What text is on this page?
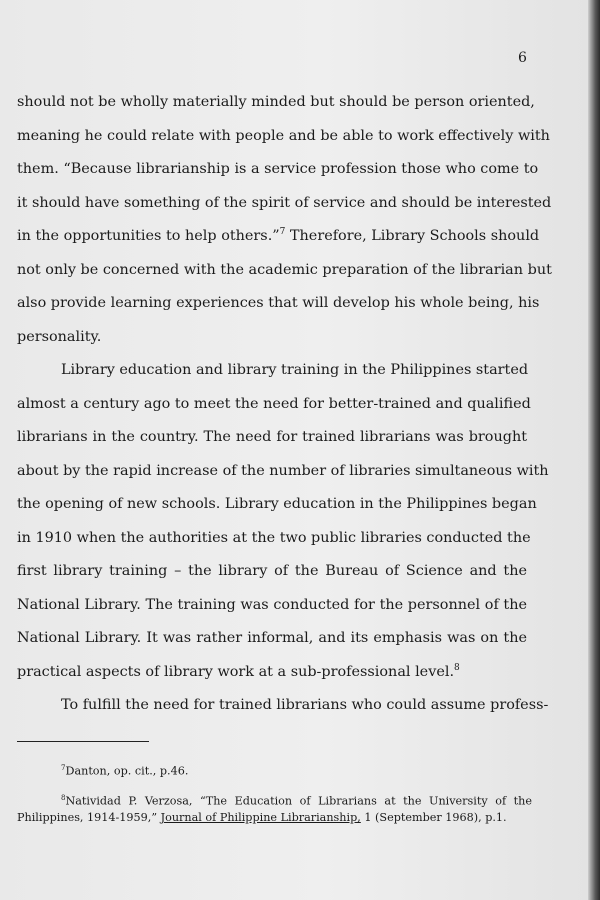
6
should not be wholly materially minded but should be person oriented,
meaning he could relate with people and be able to work effectively with
them. “Because librarianship is a service profession those who come to
it should have something of the spirit of service and should be interested
in the opportunities to help others.”$^7$ Therefore, Library Schools should
not only be concerned with the academic preparation of the librarian but
also provide learning experiences that will develop his whole being, his
personality.
Library education and library training in the Philippines started
almost a century ago to meet the need for better-trained and qualified
librarians in the country. The need for trained librarians was brought
about by the rapid increase of the number of libraries simultaneous with
the opening of new schools. Library education in the Philippines began
in 1910 when the authorities at the two public libraries conducted the
first library training – the library of the Bureau of Science and the
National Library. The training was conducted for the personnel of the
National Library. It was rather informal, and its emphasis was on the
practical aspects of library work at a sub-professional level.$^8$
To fulfill the need for trained librarians who could assume profess-
$^7$Danton, op. cit., p.46.
$^8$Natividad P. Verzosa, “The Education of Librarians at the University of the
Philippines, 1914-1959,” Journal of Philippine Librarianship, 1 (September 1968), p.1.
